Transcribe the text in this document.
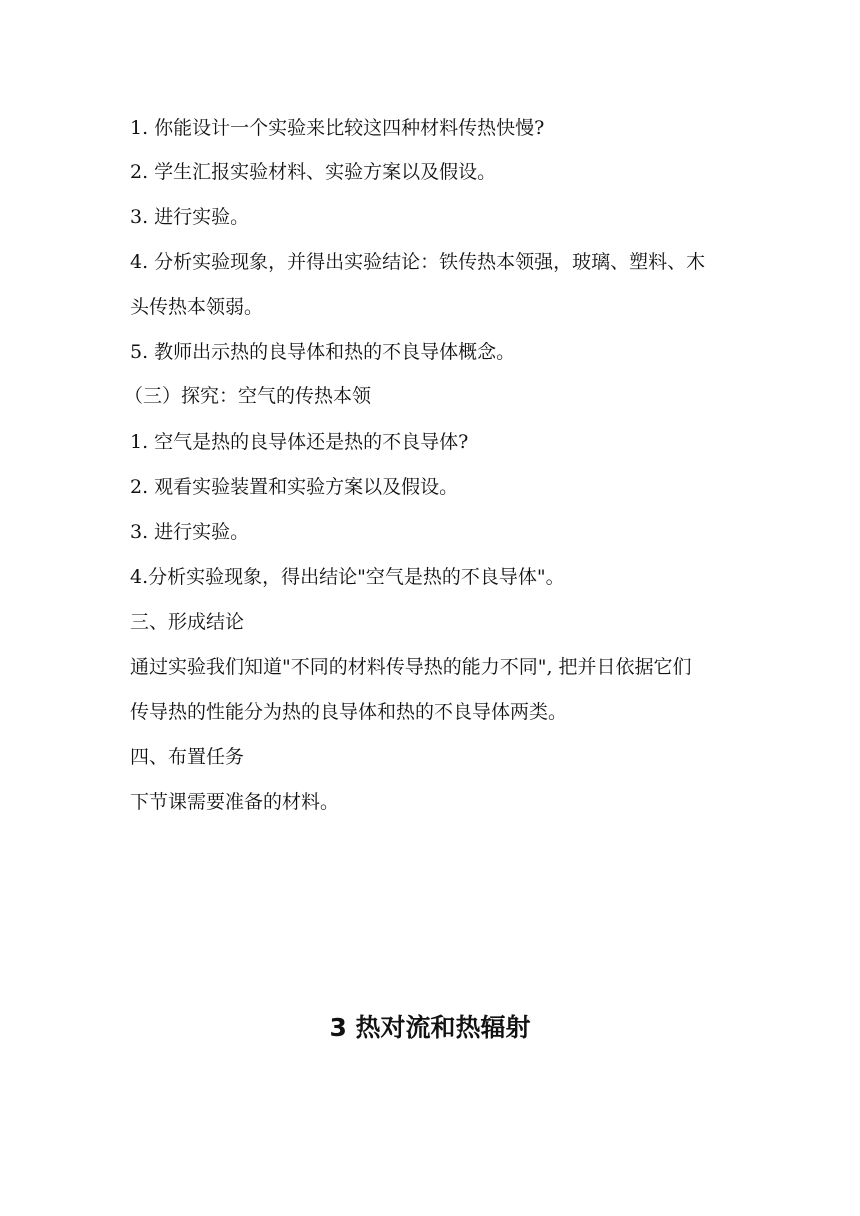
1. 你能设计一个实验来比较这四种材料传热快慢?
2. 学生汇报实验材料、实验方案以及假设。
3. 进行实验。
4. 分析实验现象，并得出实验结论：铁传热本领强，玻璃、塑料、木
头传热本领弱。
5. 教师出示热的良导体和热的不良导体概念。
（三）探究：空气的传热本领
1. 空气是热的良导体还是热的不良导体?
2. 观看实验装置和实验方案以及假设。
3. 进行实验。
4.分析实验现象，得出结论"空气是热的不良导体"。
三、形成结论
通过实验我们知道"不同的材料传导热的能力不同", 把并日依据它们
传导热的性能分为热的良导体和热的不良导体两类。
四、布置任务
下节课需要准备的材料。
3 热对流和热辐射
